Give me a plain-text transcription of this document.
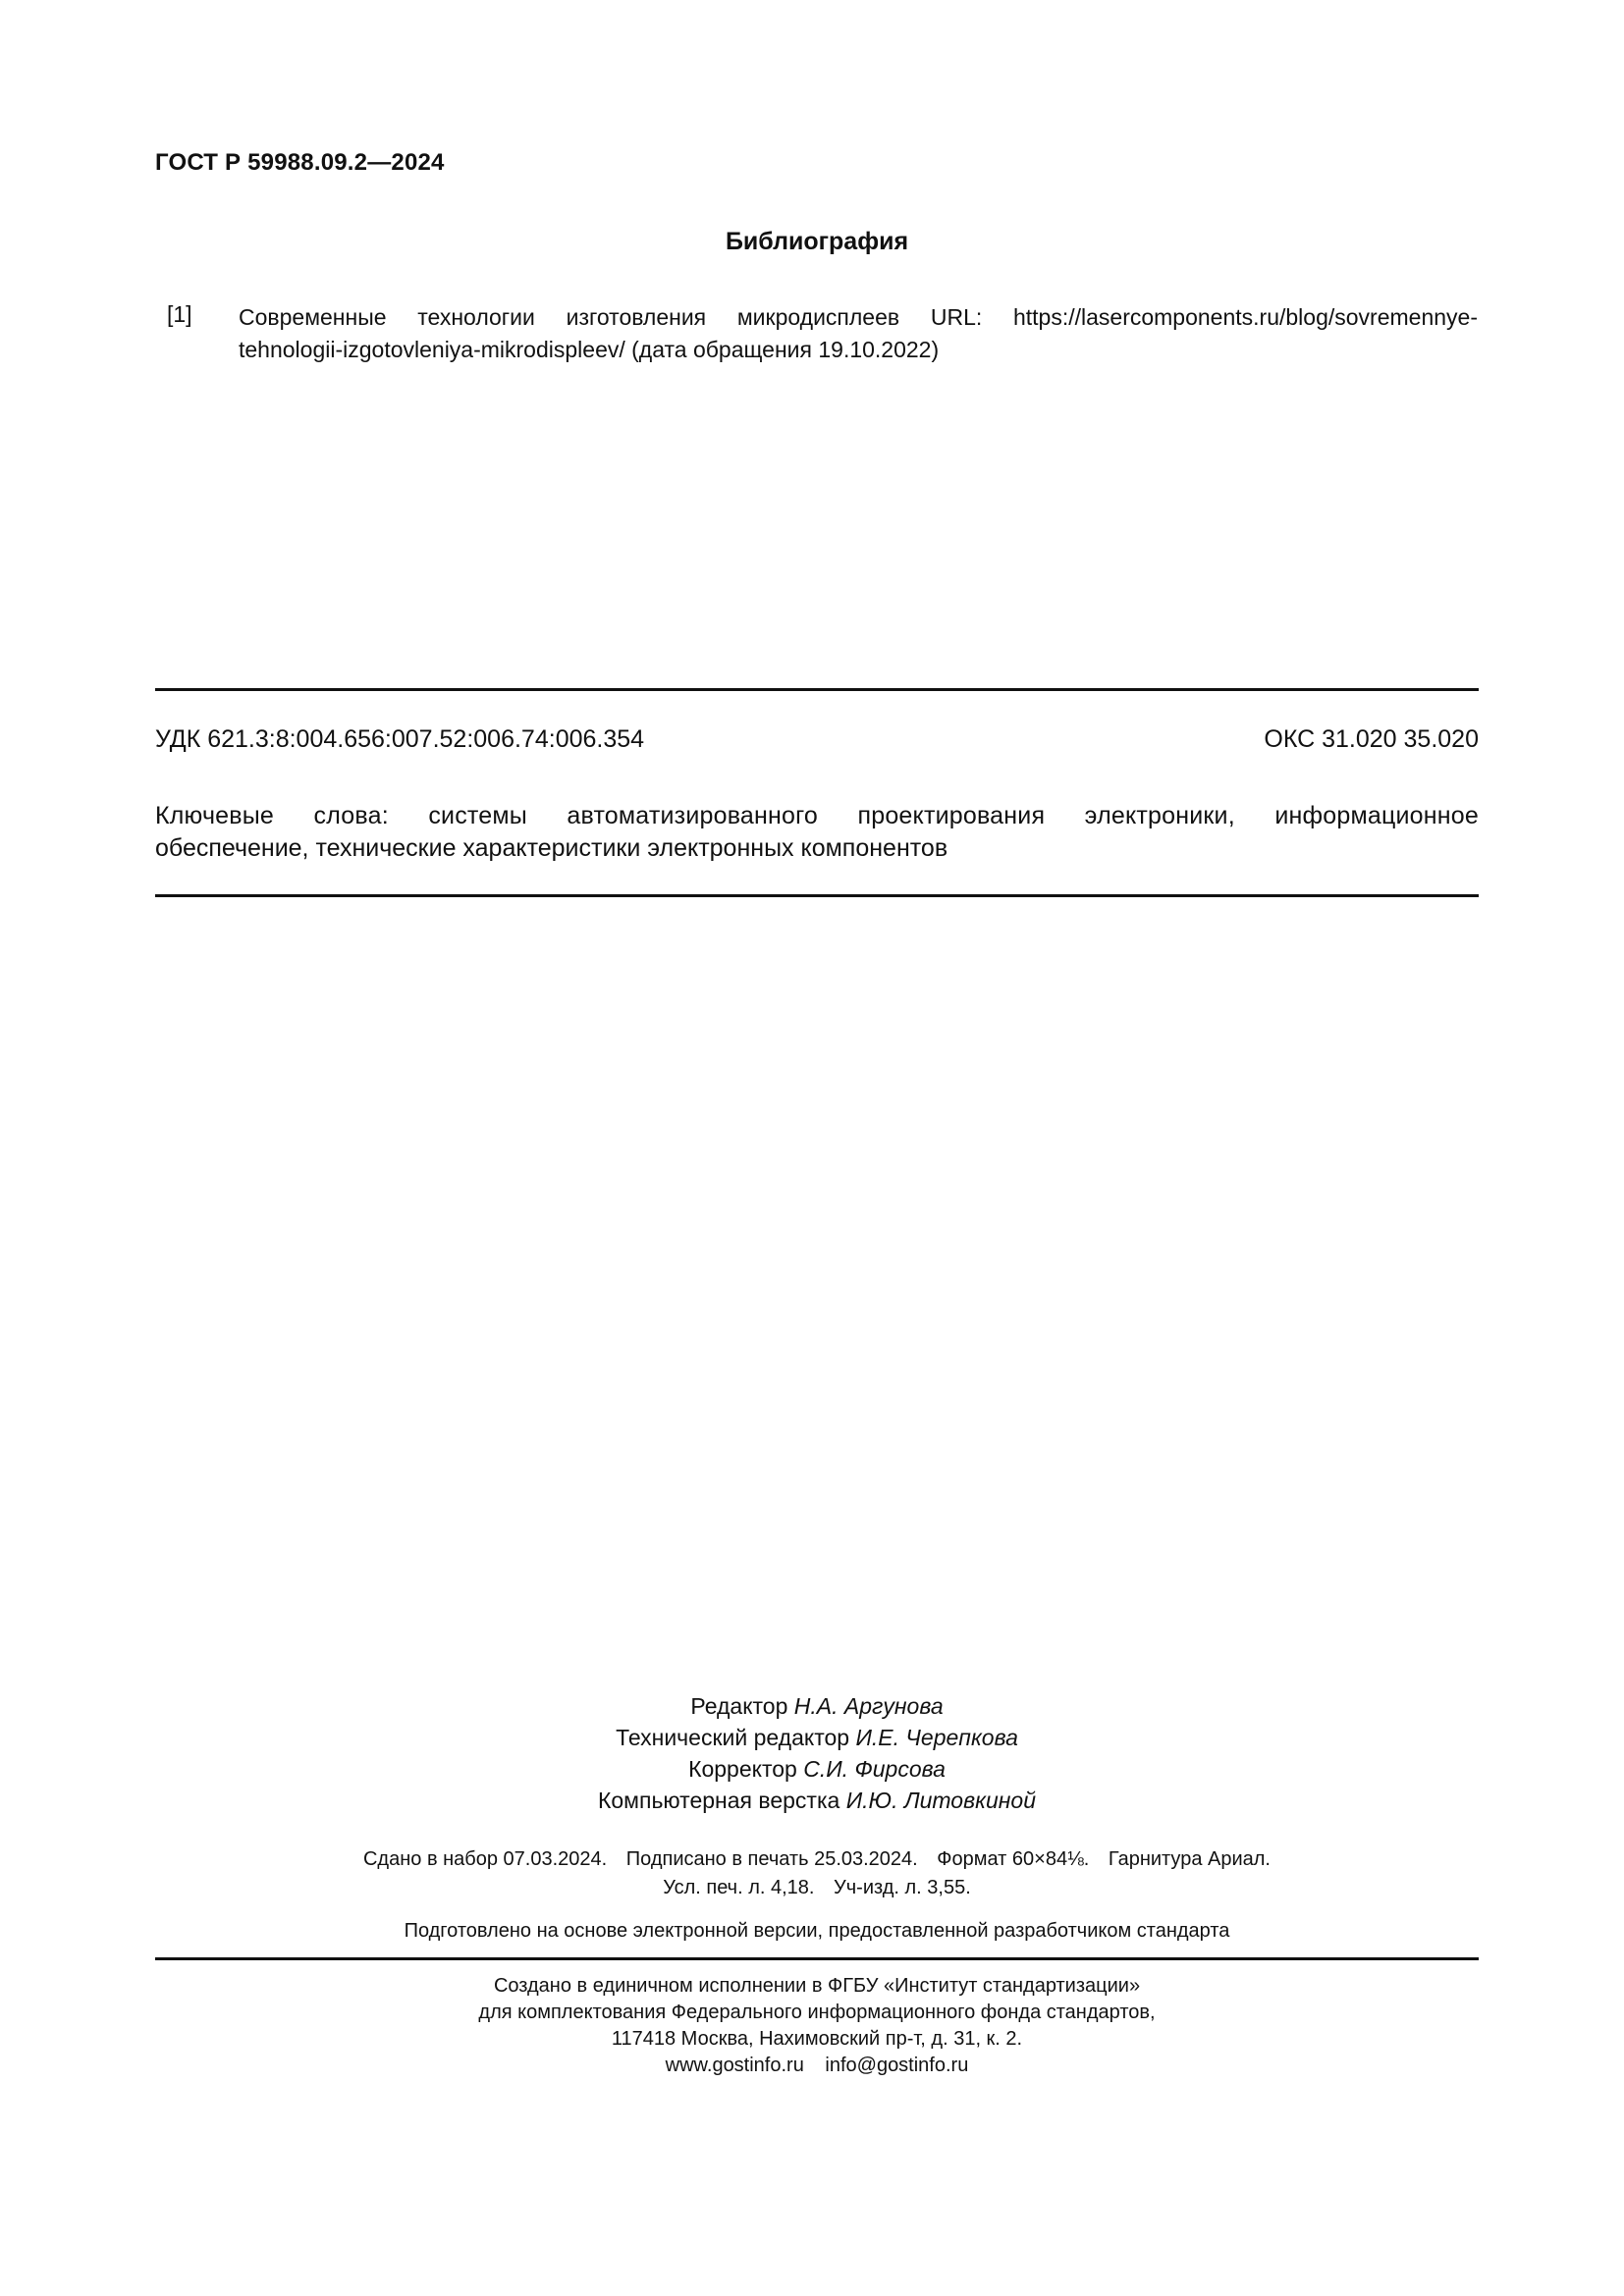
ГОСТ Р 59988.09.2—2024
Библиография
[1] Современные технологии изготовления микродисплеев URL: https://lasercomponents.ru/blog/sovremennye-
tehnologii-izgotovleniya-mikrodispleev/ (дата обращения 19.10.2022)
УДК 621.3:8:004.656:007.52:006.74:006.354	ОКС 31.020 35.020
Ключевые слова: системы автоматизированного проектирования электроники, информационное
обеспечение, технические характеристики электронных компонентов
Редактор Н.А. Аргунова
Технический редактор И.Е. Черепкова
Корректор С.И. Фирсова
Компьютерная верстка И.Ю. Литовкиной
Сдано в набор 07.03.2024. Подписано в печать 25.03.2024. Формат 60×84⅛. Гарнитура Ариал.
Усл. печ. л. 4,18. Уч-изд. л. 3,55.
Подготовлено на основе электронной версии, предоставленной разработчиком стандарта
Создано в единичном исполнении в ФГБУ «Институт стандартизации»
для комплектования Федерального информационного фонда стандартов,
117418 Москва, Нахимовский пр-т, д. 31, к. 2.
www.gostinfo.ru info@gostinfo.ru
